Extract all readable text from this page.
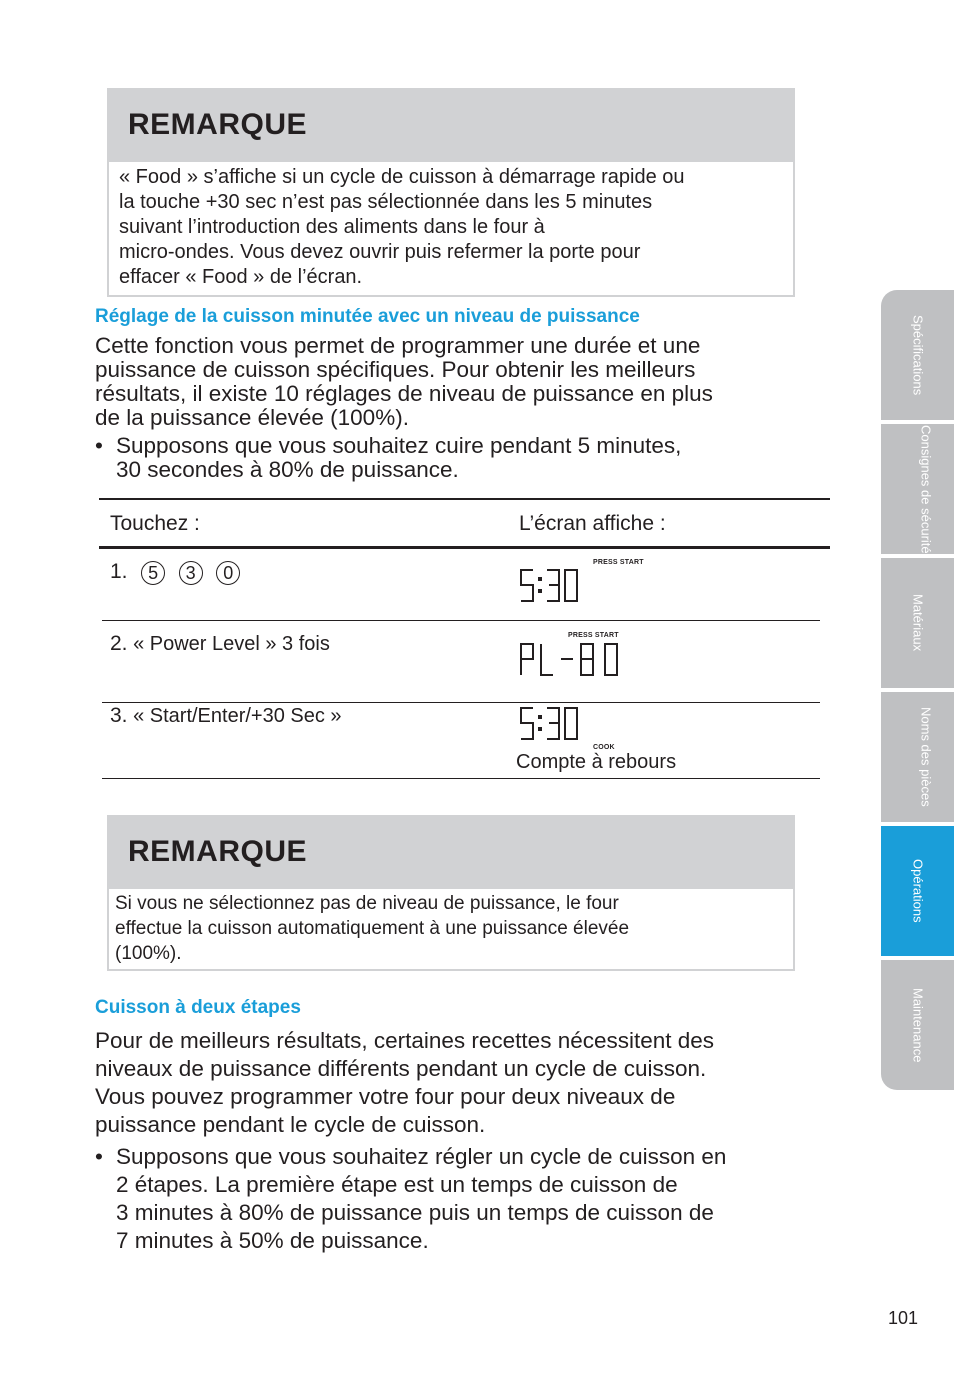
REMARQUE
« Food » s’affiche si un cycle de cuisson à démarrage rapide ou
la touche +30 sec n’est pas sélectionnée dans les 5 minutes
suivant l’introduction des aliments dans le four à
micro-ondes. Vous devez ouvrir puis refermer la porte pour
effacer « Food » de l’écran.
Réglage de la cuisson minutée avec un niveau de puissance
Cette fonction vous permet de programmer une durée et une
puissance de cuisson spécifiques. Pour obtenir les meilleurs
résultats, il existe 10 réglages de niveau de puissance en plus
de la puissance élevée (100%).
• Supposons que vous souhaitez cuire pendant 5 minutes,
30 secondes à 80% de puissance.
Touchez :	L’écran affiche :
1. 5 3 0
PRESS START
2. « Power Level » 3 fois	PRESS START
3. « Start/Enter/+30 Sec »
COOK
Compte à rebours
REMARQUE
Si vous ne sélectionnez pas de niveau de puissance, le four
effectue la cuisson automatiquement à une puissance élevée
(100%).
Cuisson à deux étapes
Pour de meilleurs résultats, certaines recettes nécessitent des
niveaux de puissance différents pendant un cycle de cuisson.
Vous pouvez programmer votre four pour deux niveaux de
puissance pendant le cycle de cuisson.
• Supposons que vous souhaitez régler un cycle de cuisson en
2 étapes. La première étape est un temps de cuisson de
3 minutes à 80% de puissance puis un temps de cuisson de
7 minutes à 50% de puissance.
Spécifications
Consignes de sécurité
Matériaux
Noms des pièces
Opérations
Maintenance
101
